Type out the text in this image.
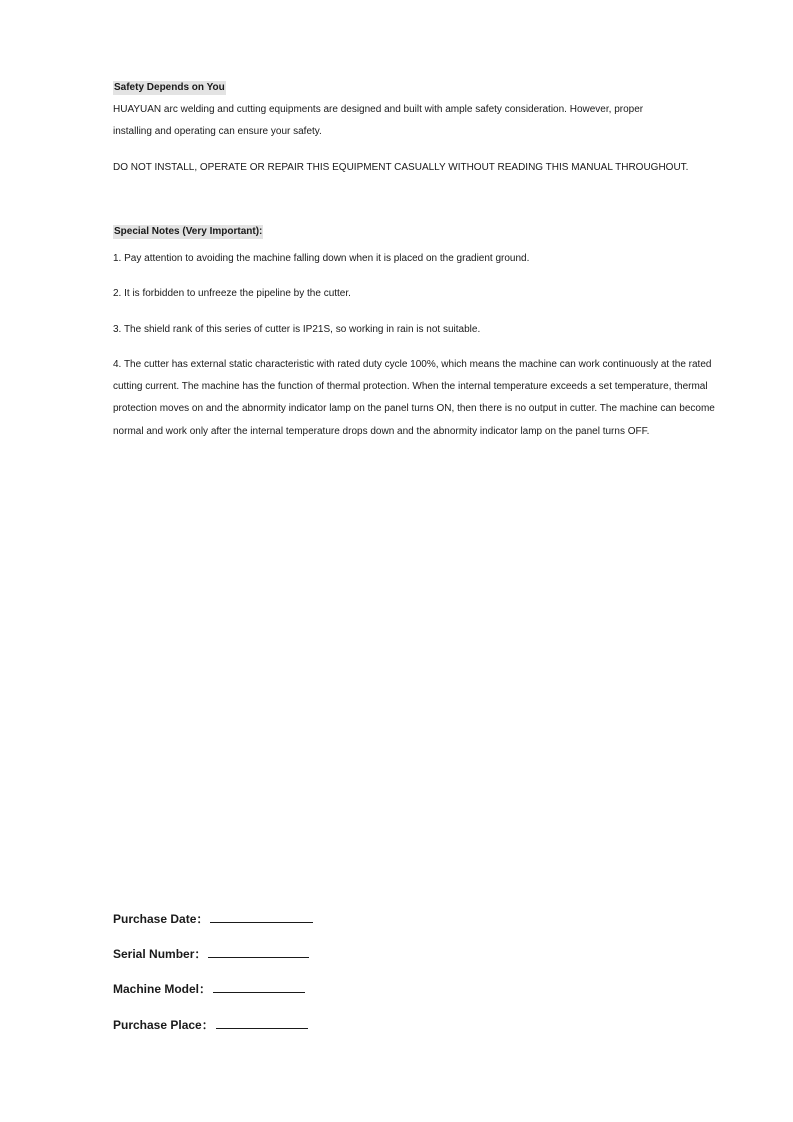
Safety Depends on You
HUAYUAN arc welding and cutting equipments are designed and built with ample safety consideration. However, proper
installing and operating can ensure your safety.
DO NOT INSTALL, OPERATE OR REPAIR THIS EQUIPMENT CASUALLY WITHOUT READING THIS MANUAL THROUGHOUT.
Special Notes (Very Important):
1. Pay attention to avoiding the machine falling down when it is placed on the gradient ground.
2. It is forbidden to unfreeze the pipeline by the cutter.
3. The shield rank of this series of cutter is IP21S, so working in rain is not suitable.
4. The cutter has external static characteristic with rated duty cycle 100%, which means the machine can work continuously at the rated cutting current. The machine has the function of thermal protection. When the internal temperature exceeds a set temperature, thermal protection moves on and the abnormity indicator lamp on the panel turns ON, then there is no output in cutter. The machine can become normal and work only after the internal temperature drops down and the abnormity indicator lamp on the panel turns OFF.
Purchase Date：
Serial Number：
Machine Model：
Purchase Place：
